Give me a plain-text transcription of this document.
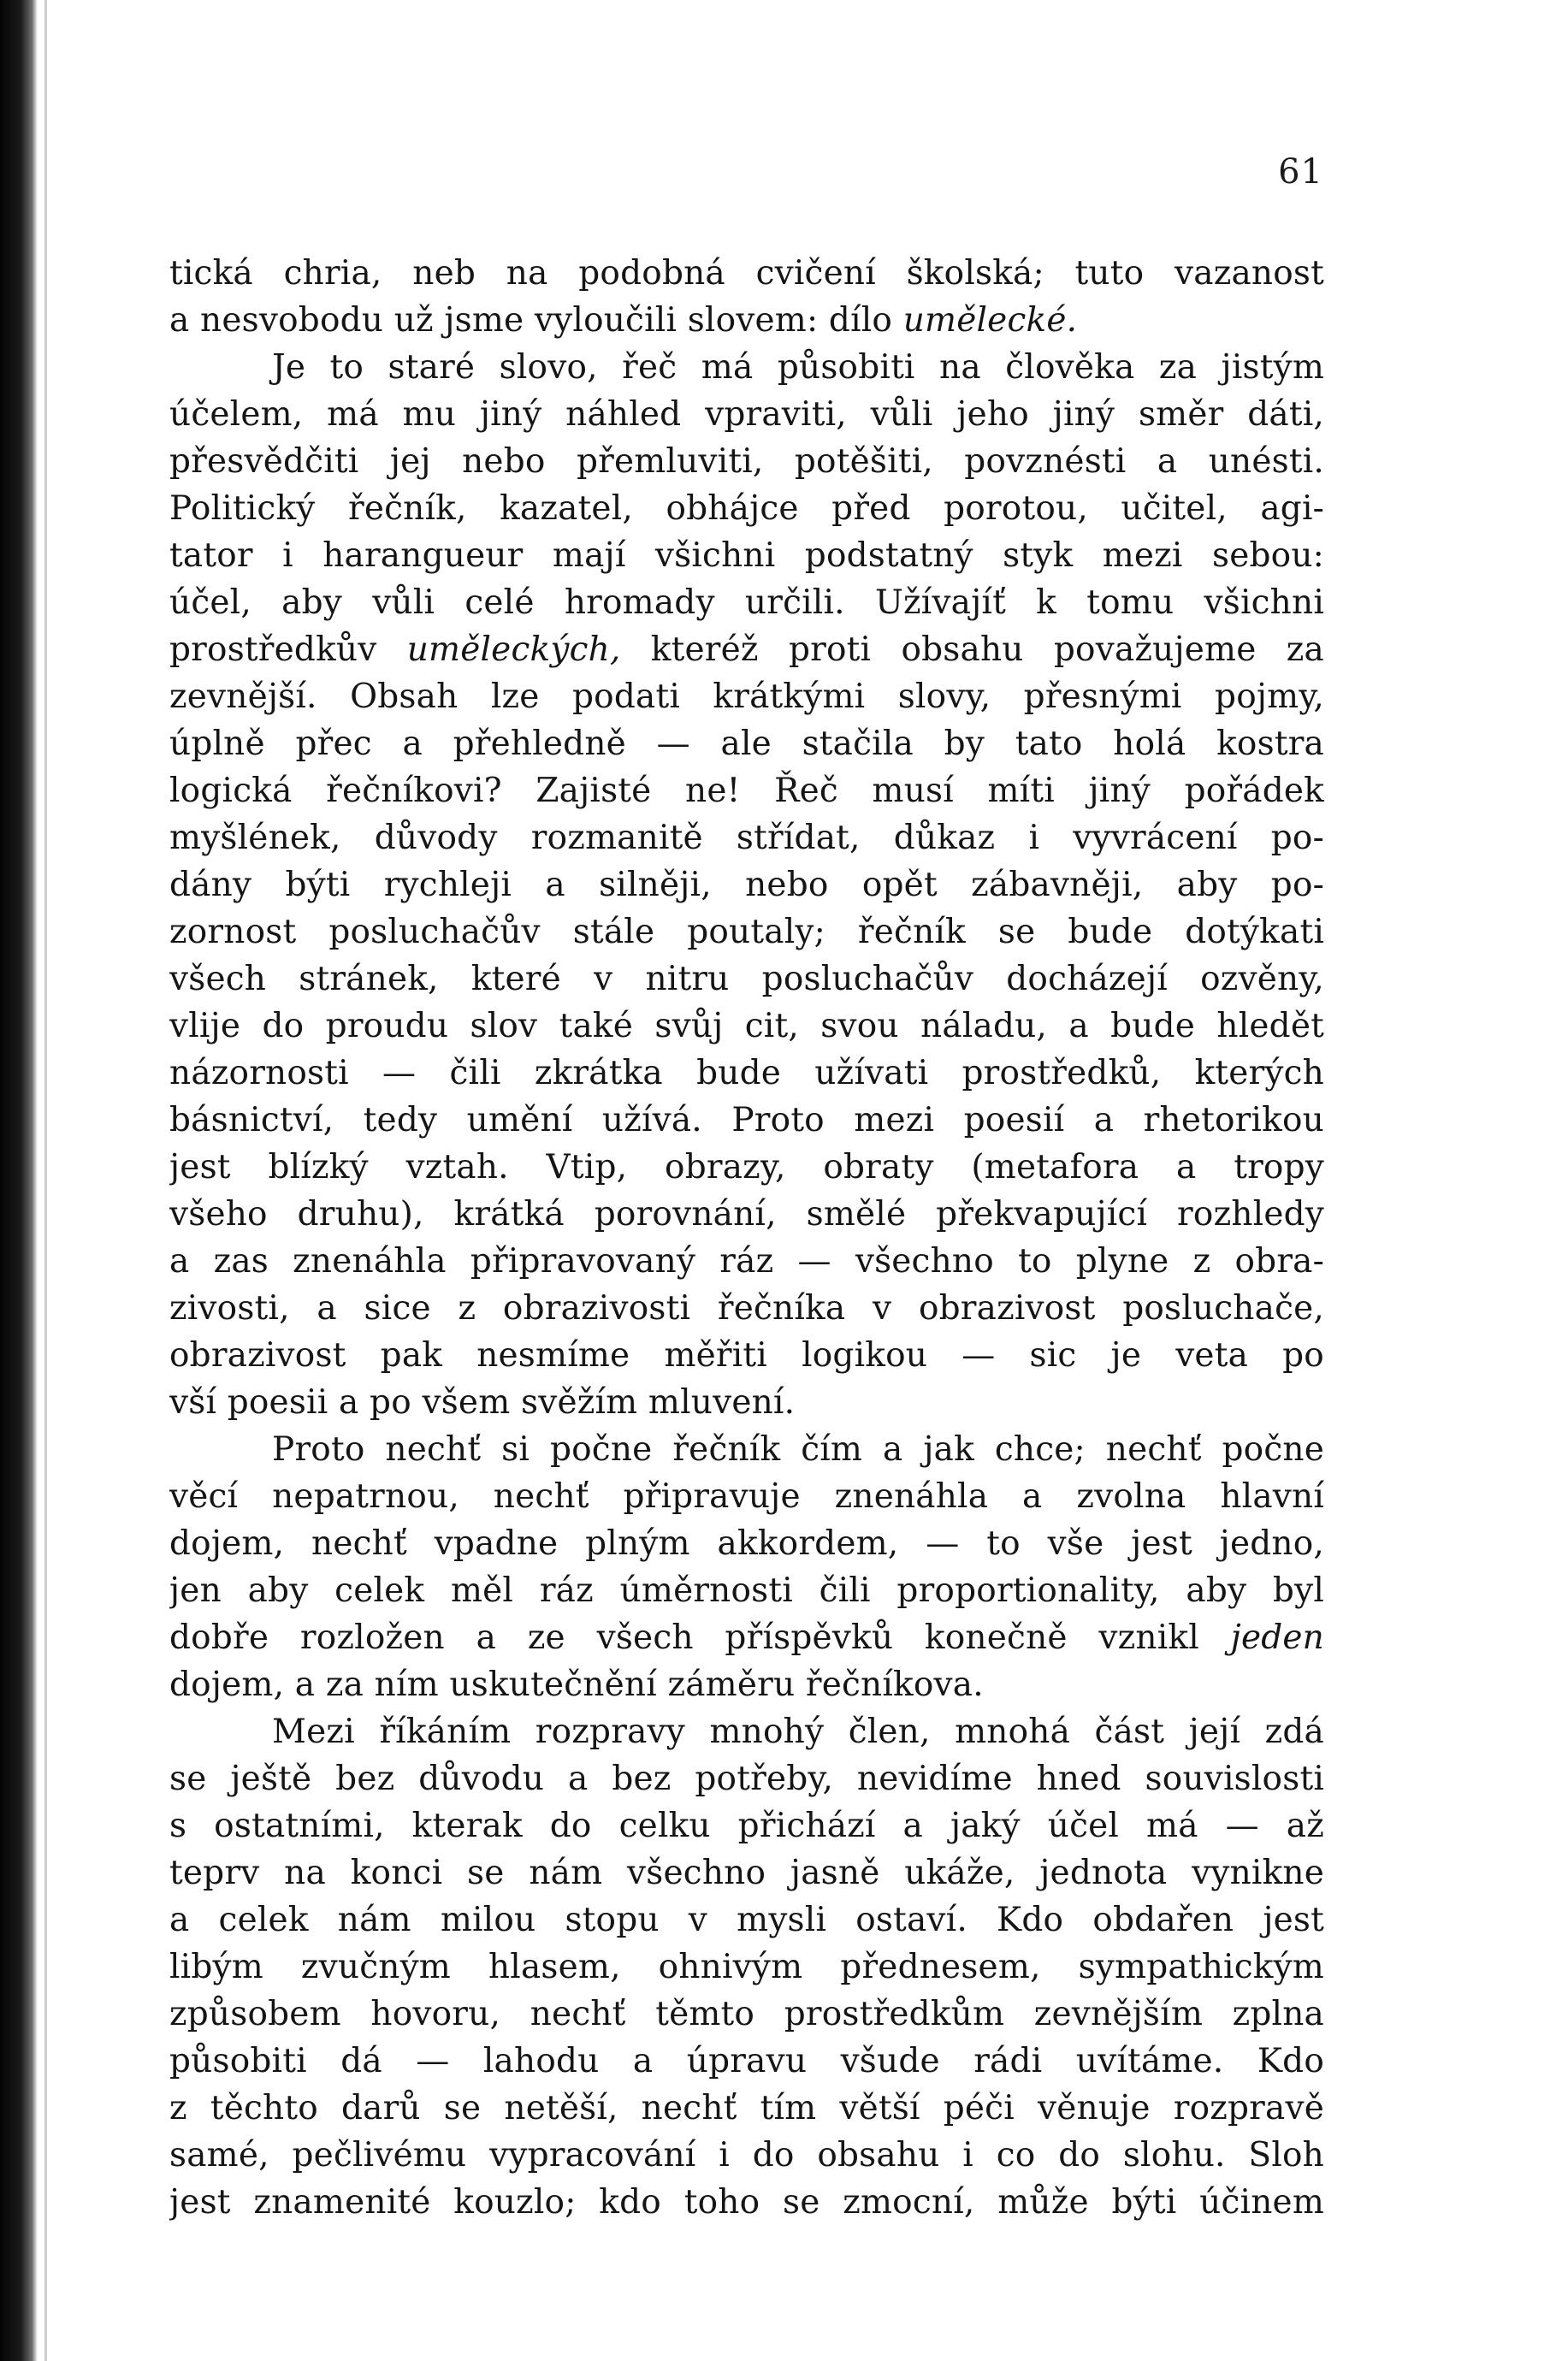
61
tická chria, neb na podobná cvičení školská; tuto vazanost
a nesvobodu už jsme vyloučili slovem: dílo umělecké.
Je to staré slovo, řeč má působiti na člověka za jistým
účelem, má mu jiný náhled vpraviti, vůli jeho jiný směr dáti,
přesvědčiti jej nebo přemluviti, potěšiti, povznésti a unésti.
Politický řečník, kazatel, obhájce před porotou, učitel, agi-
tator i harangueur mají všichni podstatný styk mezi sebou:
účel, aby vůli celé hromady určili. Užívajíť k tomu všichni
prostředkův uměleckých, kteréž proti obsahu považujeme za
zevnější. Obsah lze podati krátkými slovy, přesnými pojmy,
úplně přec a přehledně — ale stačila by tato holá kostra
logická řečníkovi? Zajisté ne! Řeč musí míti jiný pořádek
myšlének, důvody rozmanitě střídat, důkaz i vyvrácení po-
dány býti rychleji a silněji, nebo opět zábavněji, aby po-
zornost posluchačův stále poutaly; řečník se bude dotýkati
všech stránek, které v nitru posluchačův docházejí ozvěny,
vlije do proudu slov také svůj cit, svou náladu, a bude hledět
názornosti — čili zkrátka bude užívati prostředků, kterých
básnictví, tedy umění užívá. Proto mezi poesií a rhetorikou
jest blízký vztah. Vtip, obrazy, obraty (metafora a tropy
všeho druhu), krátká porovnání, smělé překvapující rozhledy
a zas znenáhla připravovaný ráz — všechno to plyne z obra-
zivosti, a sice z obrazivosti řečníka v obrazivost posluchače,
obrazivost pak nesmíme měřiti logikou — sic je veta po
vší poesii a po všem svěžím mluvení.
Proto nechť si počne řečník čím a jak chce; nechť počne
věcí nepatrnou, nechť připravuje znenáhla a zvolna hlavní
dojem, nechť vpadne plným akkordem, — to vše jest jedno,
jen aby celek měl ráz úměrnosti čili proportionality, aby byl
dobře rozložen a ze všech příspěvků konečně vznikl jeden
dojem, a za ním uskutečnění záměru řečníkova.
Mezi říkáním rozpravy mnohý člen, mnohá část její zdá
se ještě bez důvodu a bez potřeby, nevidíme hned souvislosti
s ostatními, kterak do celku přichází a jaký účel má — až
teprv na konci se nám všechno jasně ukáže, jednota vynikne
a celek nám milou stopu v mysli ostaví. Kdo obdařen jest
libým zvučným hlasem, ohnivým přednesem, sympathickým
způsobem hovoru, nechť těmto prostředkům zevnějším zplna
působiti dá — lahodu a úpravu všude rádi uvítáme. Kdo
z těchto darů se netěší, nechť tím větší péči věnuje rozpravě
samé, pečlivému vypracování i do obsahu i co do slohu. Sloh
jest znamenité kouzlo; kdo toho se zmocní, může býti účinem
